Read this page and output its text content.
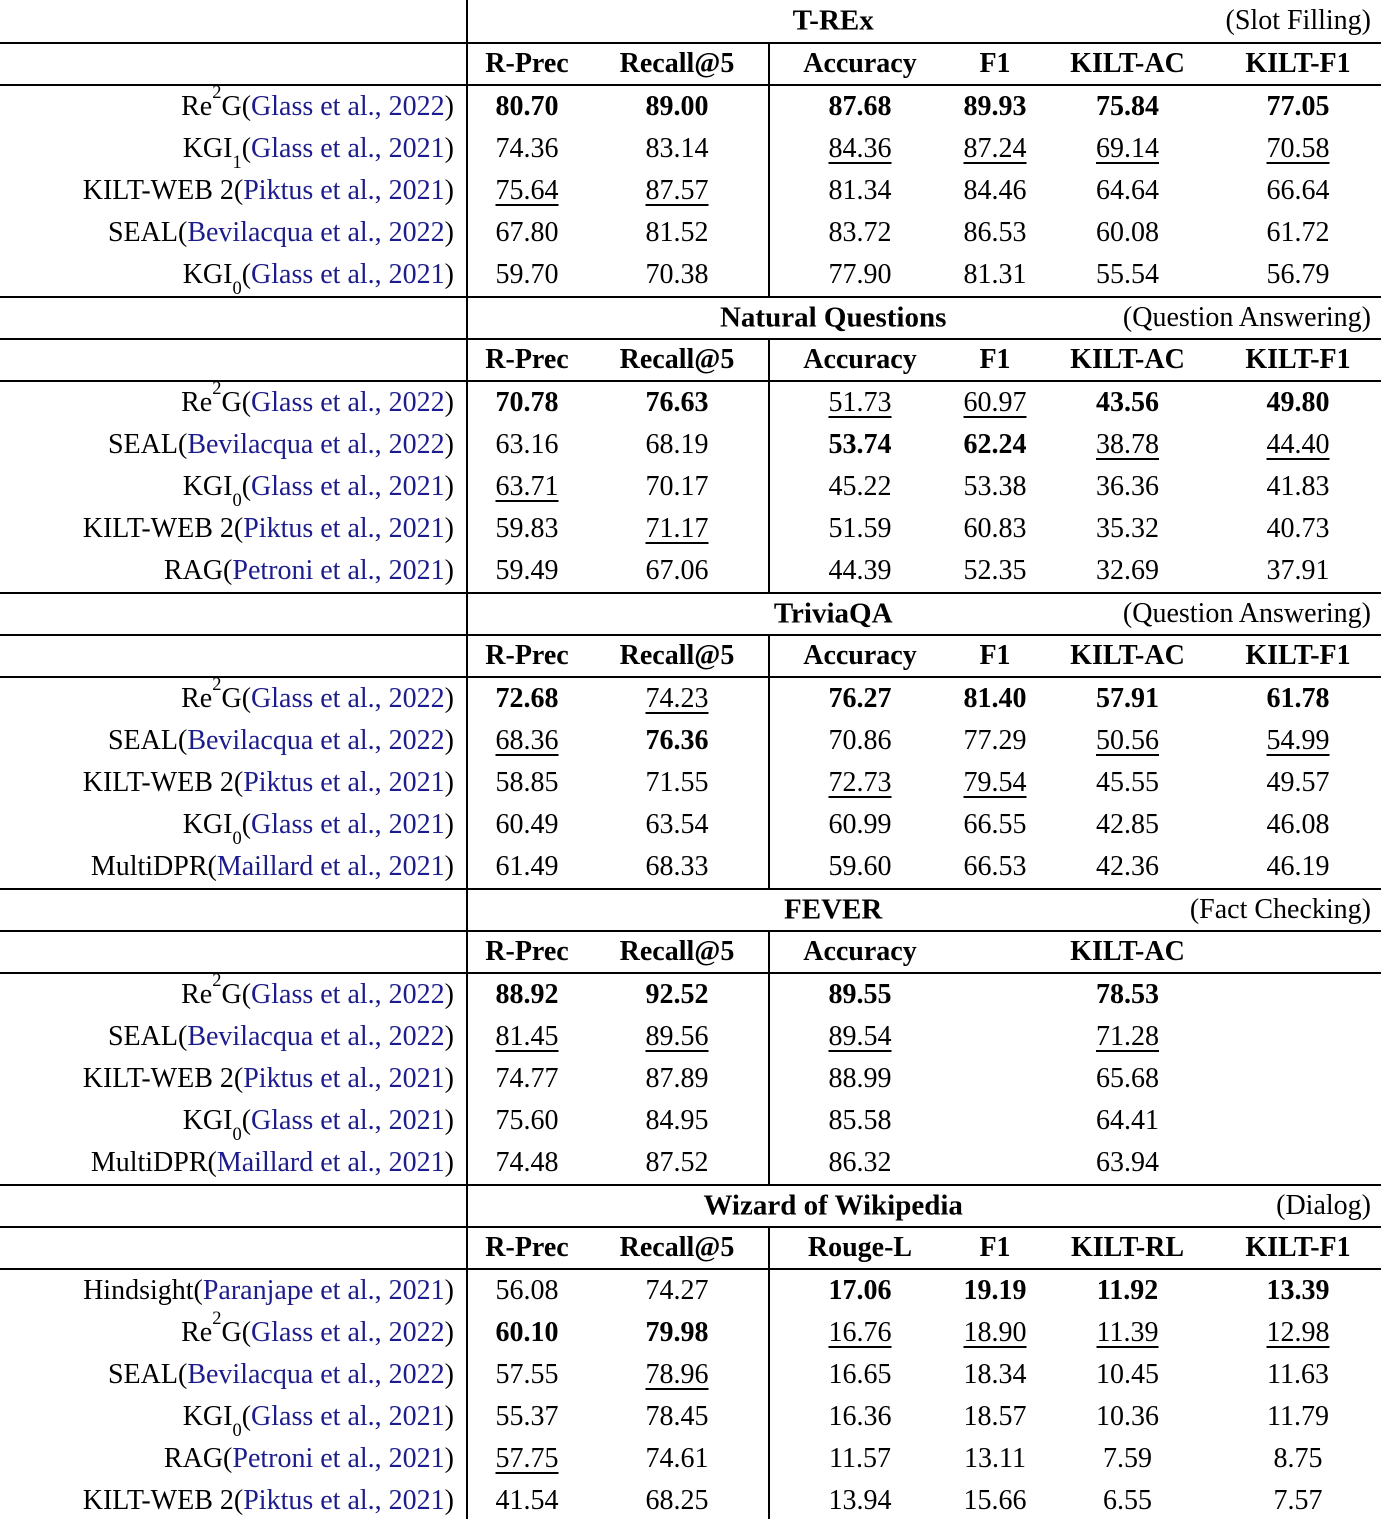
T-REx	(Slot Filling)
R-Prec	Recall@5	Accuracy	F1	KILT-AC	KILT-F1
Re$^2$G ( Glass et al., 2022 )	80.70	89.00	87.68	89.93	75.84	77.05
$KGI_1$ ( Glass et al., 2021 )	74.36	83.14	84.36	87.24	69.14	70.58
KILT-WEB 2 ( Piktus et al., 2021 )	75.64	87.57	81.34	84.46	64.64	66.64
SEAL ( Bevilacqua et al., 2022 )	67.80	81.52	83.72	86.53	60.08	61.72
$KGI_0$ ( Glass et al., 2021 )	59.70	70.38	77.90	81.31	55.54	56.79
Natural Questions	(Question Answering)
R-Prec	Recall@5	Accuracy	F1	KILT-AC	KILT-F1
Re$^2$G ( Glass et al., 2022 )	70.78	76.63	51.73	60.97	43.56	49.80
SEAL ( Bevilacqua et al., 2022 )	63.16	68.19	53.74	62.24	38.78	44.40
$KGI_0$ ( Glass et al., 2021 )	63.71	70.17	45.22	53.38	36.36	41.83
KILT-WEB 2 ( Piktus et al., 2021 )	59.83	71.17	51.59	60.83	35.32	40.73
RAG ( Petroni et al., 2021 )	59.49	67.06	44.39	52.35	32.69	37.91
TriviaQA	(Question Answering)
R-Prec	Recall@5	Accuracy	F1	KILT-AC	KILT-F1
Re$^2$G ( Glass et al., 2022 )	72.68	74.23	76.27	81.40	57.91	61.78
SEAL ( Bevilacqua et al., 2022 )	68.36	76.36	70.86	77.29	50.56	54.99
KILT-WEB 2 ( Piktus et al., 2021 )	58.85	71.55	72.73	79.54	45.55	49.57
$KGI_0$ ( Glass et al., 2021 )	60.49	63.54	60.99	66.55	42.85	46.08
MultiDPR ( Maillard et al., 2021 )	61.49	68.33	59.60	66.53	42.36	46.19
FEVER	(Fact Checking)
R-Prec	Recall@5	Accuracy	KILT-AC
Re$^2$G ( Glass et al., 2022 )	88.92	92.52	89.55	78.53
SEAL ( Bevilacqua et al., 2022 )	81.45	89.56	89.54	71.28
KILT-WEB 2 ( Piktus et al., 2021 )	74.77	87.89	88.99	65.68
$KGI_0$ ( Glass et al., 2021 )	75.60	84.95	85.58	64.41
MultiDPR ( Maillard et al., 2021 )	74.48	87.52	86.32	63.94
Wizard of Wikipedia	(Dialog)
R-Prec	Recall@5	Rouge-L	F1	KILT-RL	KILT-F1
Hindsight ( Paranjape et al., 2021 )	56.08	74.27	17.06	19.19	11.92	13.39
Re$^2$G ( Glass et al., 2022 )	60.10	79.98	16.76	18.90	11.39	12.98
SEAL ( Bevilacqua et al., 2022 )	57.55	78.96	16.65	18.34	10.45	11.63
$KGI_0$ ( Glass et al., 2021 )	55.37	78.45	16.36	18.57	10.36	11.79
RAG ( Petroni et al., 2021 )	57.75	74.61	11.57	13.11	7.59	8.75
KILT-WEB 2 ( Piktus et al., 2021 )	41.54	68.25	13.94	15.66	6.55	7.57
